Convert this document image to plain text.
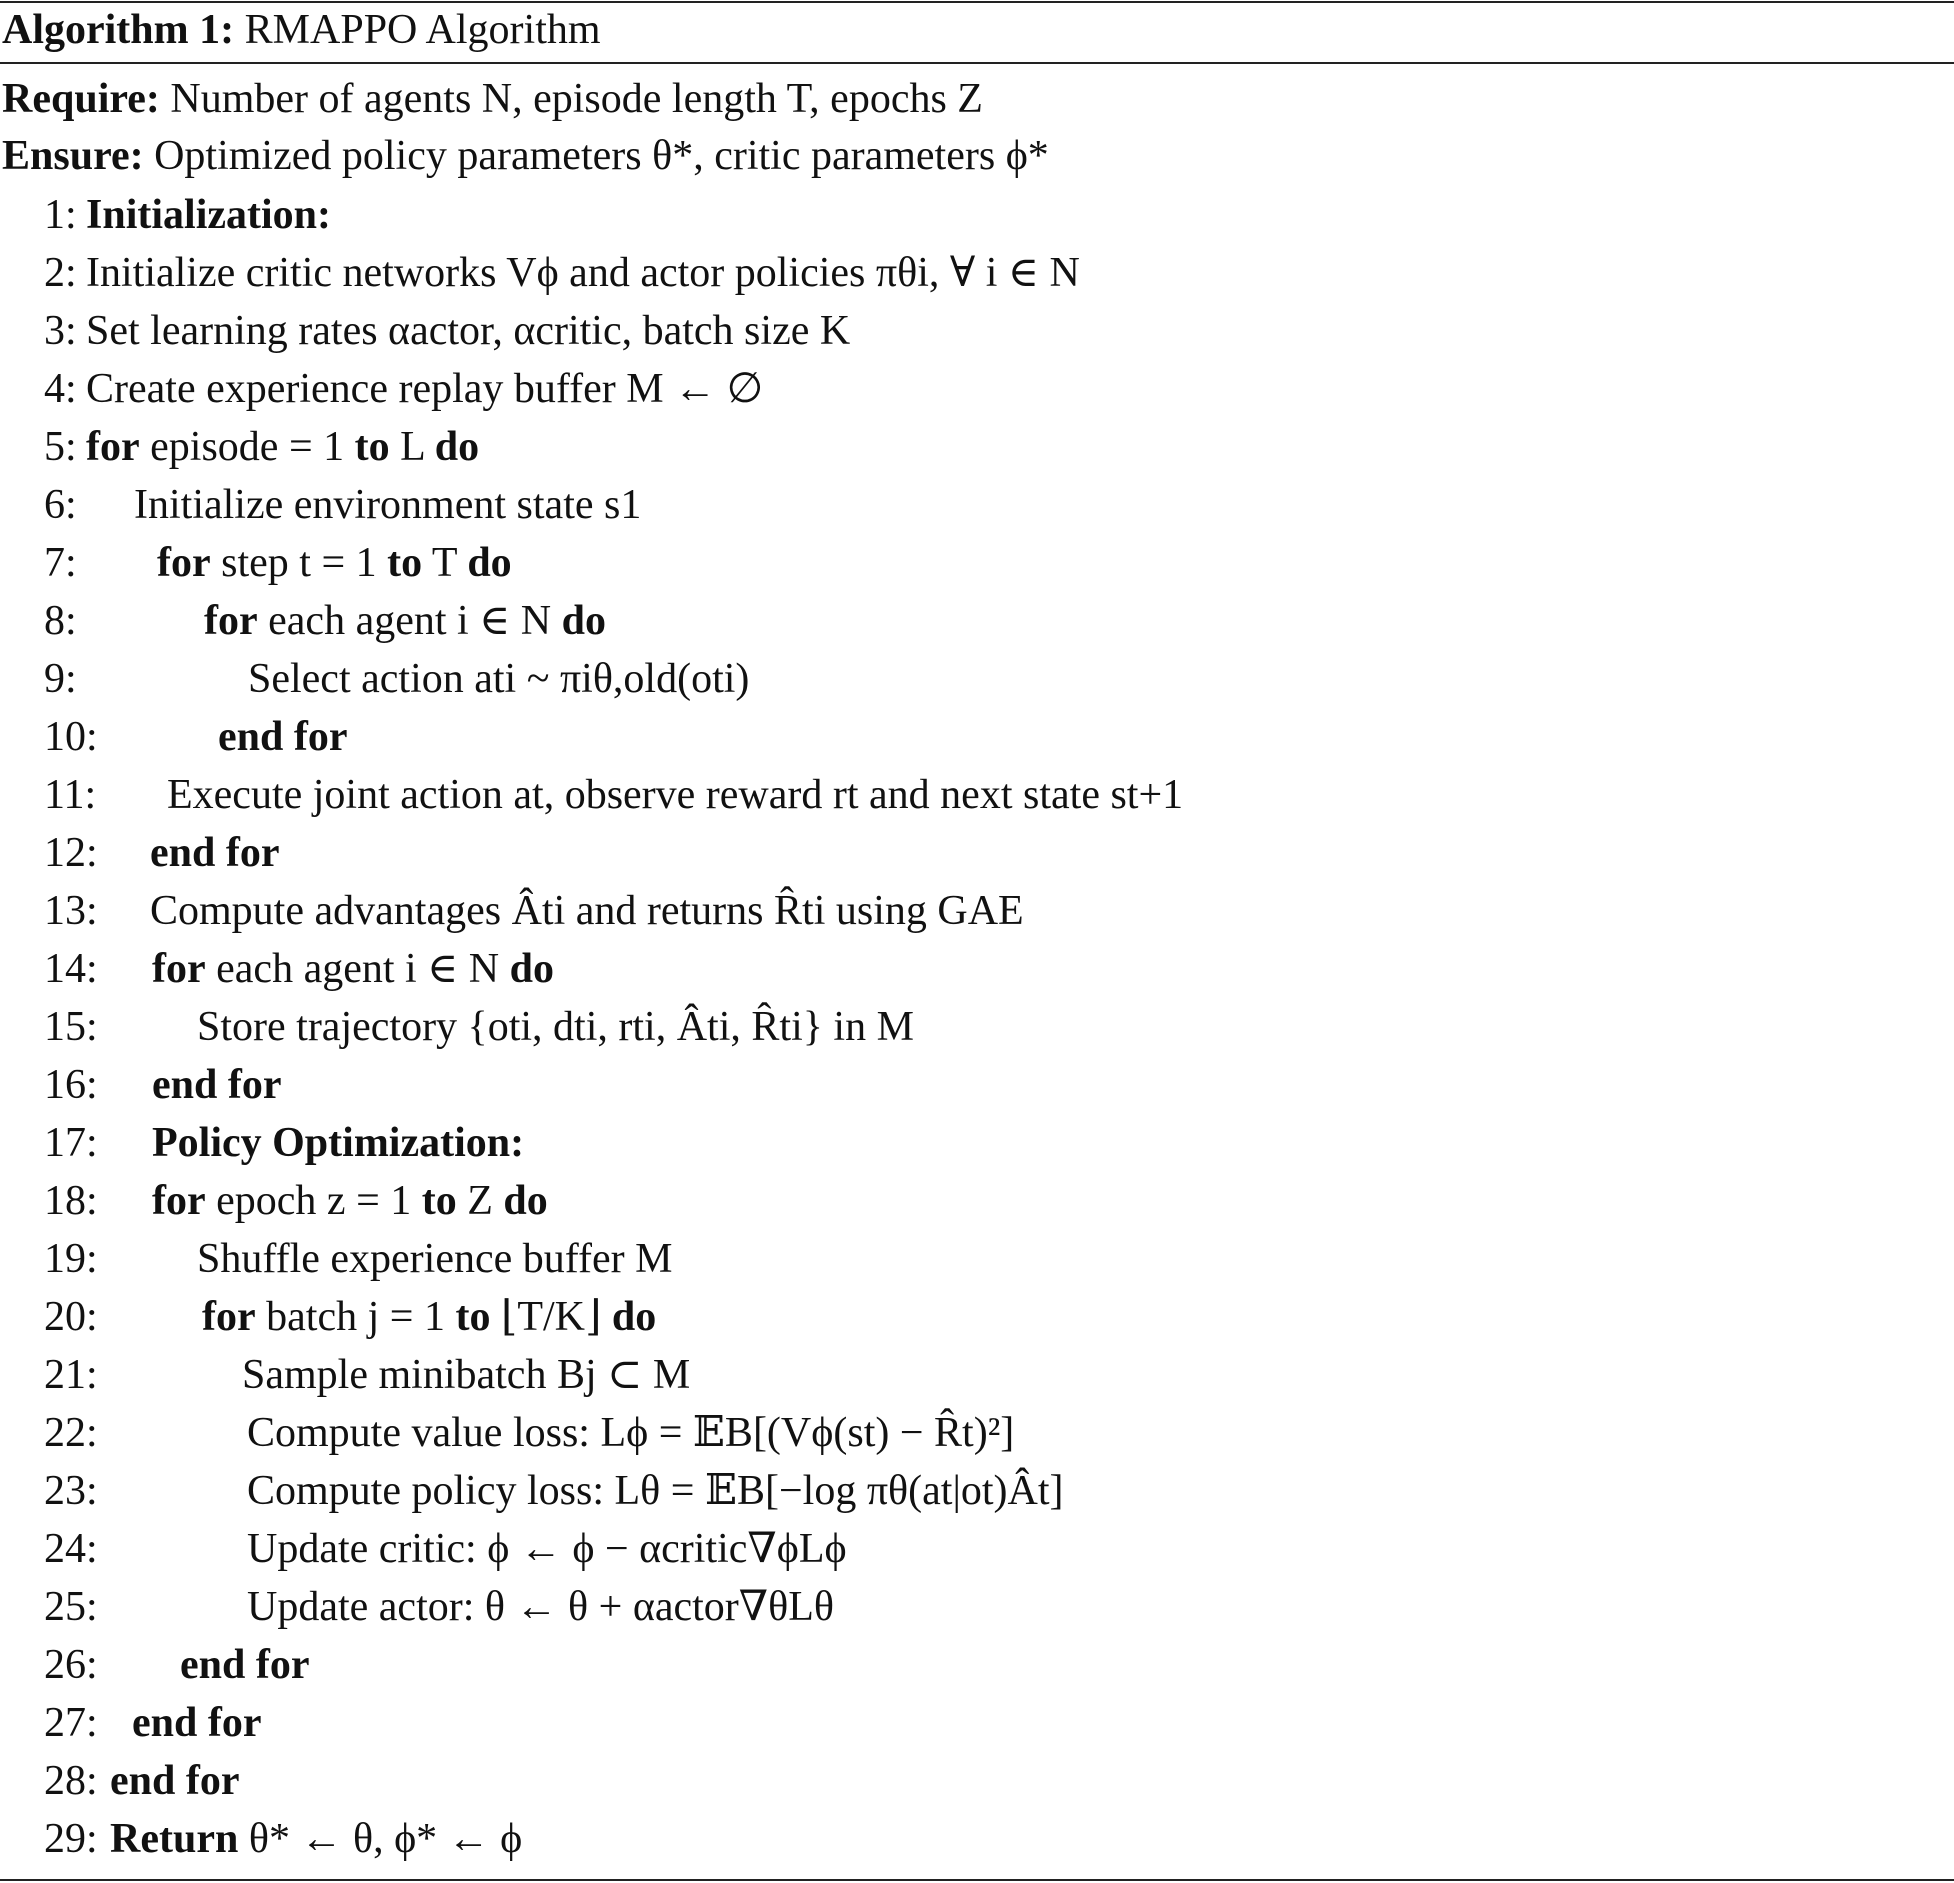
Algorithm 1: RMAPPO Algorithm
Require: Number of agents N, episode length T, epochs Z
Ensure: Optimized policy parameters θ*, critic parameters ϕ*
1: Initialization:
2: Initialize critic networks Vϕ and actor policies πθi, ∀ i ∈ N
3: Set learning rates αactor, αcritic, batch size K
4: Create experience replay buffer M ← ∅
5: for episode = 1 to L do
6: Initialize environment state s1
7: for step t = 1 to T do
8:	for each agent i ∈ N do
9:	Select action ati ~ πiθ,old(oti)
10:	end for
11: Execute joint action at, observe reward rt and next state st+1
12: end for
13: Compute advantages Âti and returns R̂ti using GAE
14: for each agent i ∈ N do
15: Store trajectory {oti, dti, rti, Âti, R̂ti} in M
16: end for
17: Policy Optimization:
18: for epoch z = 1 to Z do
19: Shuffle experience buffer M
20: for batch j = 1 to ⌊T/K⌋ do
21:	Sample minibatch Bj ⊂ M
22:	Compute value loss: Lϕ = 𝔼B[(Vϕ(st) − R̂t)²]
23:	Compute policy loss: Lθ = 𝔼B[−log πθ(at|ot)Ât]
24:	Update critic: ϕ ← ϕ − αcritic∇ϕLϕ
25:	Update actor: θ ← θ + αactor∇θLθ
26: end for
27: end for
28: end for
29: Return θ* ← θ, ϕ* ← ϕ
